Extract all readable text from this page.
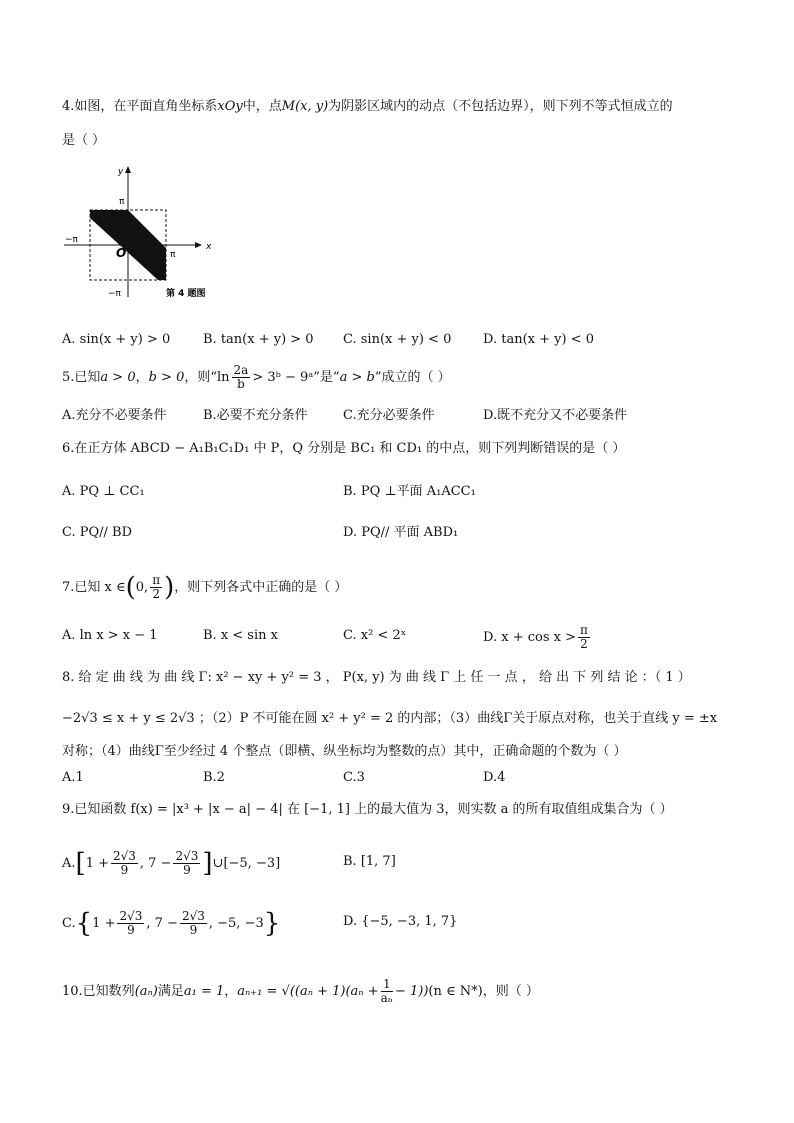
4.如图，在平面直角坐标系xOy中，点M(x, y)为阴影区域内的动点（不包括边界），则下列不等式恒成立的
是（ ）
y
π
x
−π
O	π
−π	第 4 题图
A. sin(x + y) > 0	B. tan(x + y) > 0 C. sin(x + y) < 0 D. tan(x + y) < 0
5.已知a > 0，b > 0，则“$\ln \frac{2a}{b}$ > 3ᵇ − 9ᵃ”是“a > b”成立的（ ）
A.充分不必要条件	B.必要不充分条件	C.充分必要条件	D.既不充分又不必要条件
6.在正方体 ABCD − A₁B₁C₁D₁ 中 P，Q 分别是 BC₁ 和 CD₁ 的中点，则下列判断错误的是（ ）
A. PQ ⊥ CC₁	B. PQ ⊥平面 A₁ACC₁
C. PQ// BD	D. PQ// 平面 ABD₁
7.已知 x ∈(0, $\frac{\pi}{2}$ )，则下列各式中正确的是（ ）
A. ln x > x − 1	B. x < sin x	C. x² < 2ˣ	D. $x + \cos x > \frac{\pi}{2}$
8. 给 定 曲 线 为 曲 线 Γ: x² − xy + y² = 3 ， P(x, y) 为 曲 线 Γ 上 任 一 点 ， 给 出 下 列 结 论 ：（ 1 ）
−2√3 ≤ x + y ≤ 2√3 ；（2）P 不可能在圆 x² + y² = 2 的内部；（3）曲线Γ关于原点对称，也关于直线 y = ±x
对称；（4）曲线Γ至少经过 4 个整点（即横、纵坐标均为整数的点）其中，正确命题的个数为（ ）
A.1	B.2	C.3	D.4
9.已知函数 f(x) = |x³ + |x − a| − 4| 在 [−1, 1] 上的最大值为 3，则实数 a 的所有取值组成集合为（ ）
$A.[1 + \frac{2√3}{9}$ , $7 - \frac{2√3}{9}$ ]∪[−5, −3]	B. [1, 7]
$C.\{1 + \frac{2√3}{9}$ , $7 - \frac{2√3}{9}$ , −5, −3}	D. {−5, −3, 1, 7}
10.已知数列(aₙ)满足a₁ = 1，$a_{n+1} = √((a_n + 1)(a_n + \frac{1}{\text{aₙ}} - 1))(n$ ∈ N*)，则（ ）
